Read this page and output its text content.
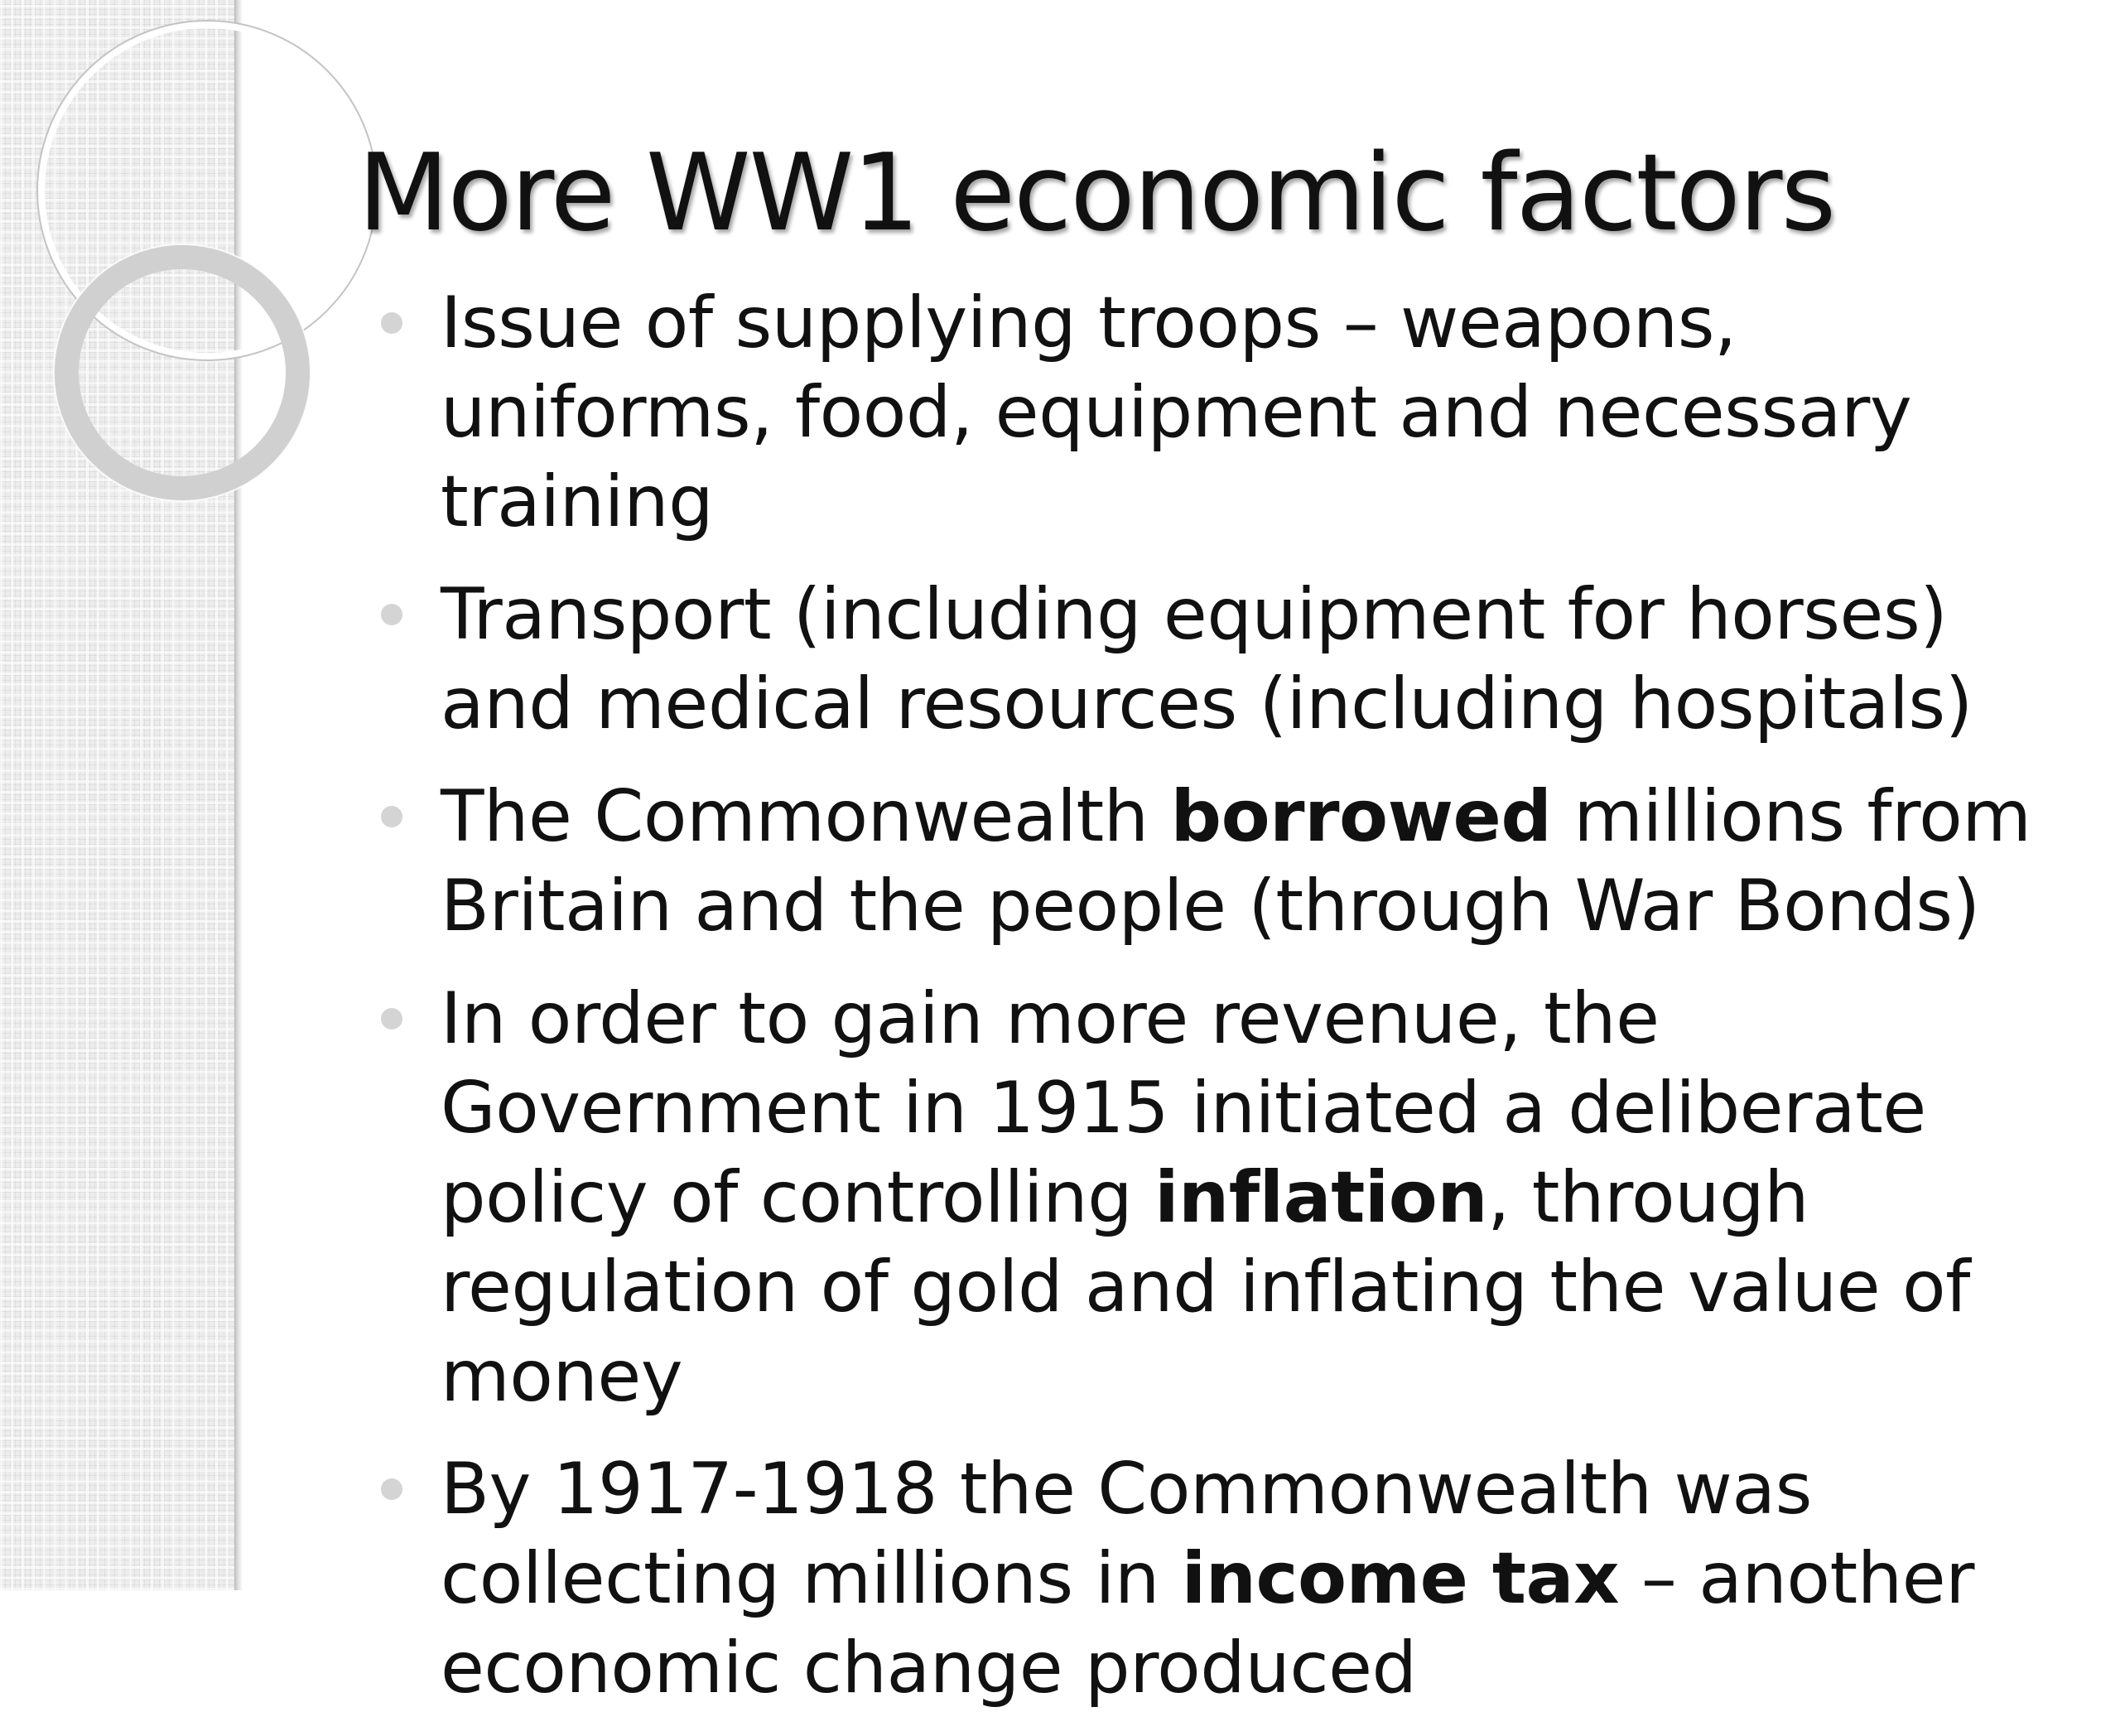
More WW1 economic factors
Issue of supplying troops – weapons, uniforms, food, equipment and necessary training
Transport (including equipment for horses) and medical resources (including hospitals)
The Commonwealth borrowed millions from Britain and the people (through War Bonds)
In order to gain more revenue, the Government in 1915 initiated a deliberate policy of controlling inflation, through regulation of gold and inflating the value of money
By 1917-1918 the Commonwealth was collecting millions in income tax – another economic change produced
